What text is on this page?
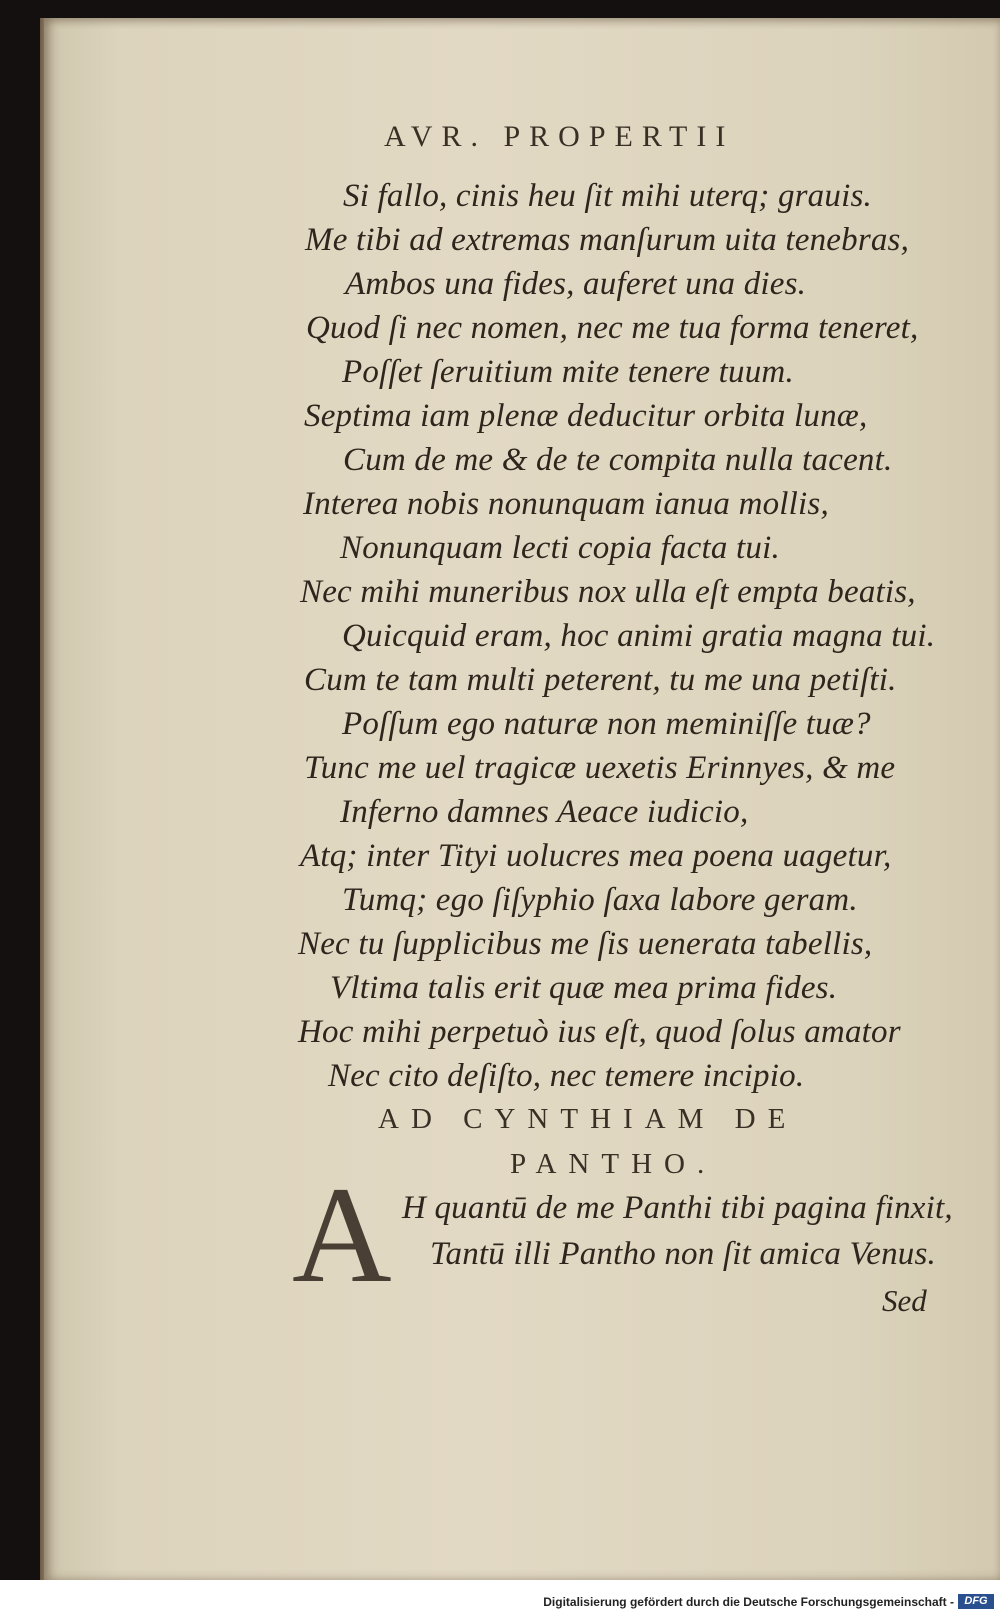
AVR. PROPERTII
Si fallo, cinis heu ſit mihi uterq; grauis.
Me tibi ad extremas manſurum uita tenebras,
Ambos una fides, auferet una dies.
Quod ſi nec nomen, nec me tua forma teneret,
Poſſet ſeruitium mite tenere tuum.
Septima iam plenæ deducitur orbita lunæ,
Cum de me & de te compita nulla tacent.
Interea nobis nonunquam ianua mollis,
Nonunquam lecti copia facta tui.
Nec mihi muneribus nox ulla eſt empta beatis,
Quicquid eram, hoc animi gratia magna tui.
Cum te tam multi peterent, tu me una petiſti.
Poſſum ego naturæ non meminiſſe tuæ?
Tunc me uel tragicæ uexetis Erinnyes, & me
Inferno damnes Aeace iudicio,
Atq; inter Tityi uolucres mea poena uagetur,
Tumq; ego ſiſyphio ſaxa labore geram.
Nec tu ſupplicibus me ſis uenerata tabellis,
Vltima talis erit quæ mea prima fides.
Hoc mihi perpetuò ius eſt, quod ſolus amator
Nec cito deſiſto, nec temere incipio.
AD CYNTHIAM DE
PANTHO.
A H quantū de me Panthi tibi pagina finxit,
Tantū illi Pantho non ſit amica Venus.
Sed
Digitalisierung gefördert durch die Deutsche Forschungsgemeinschaft - DFG
